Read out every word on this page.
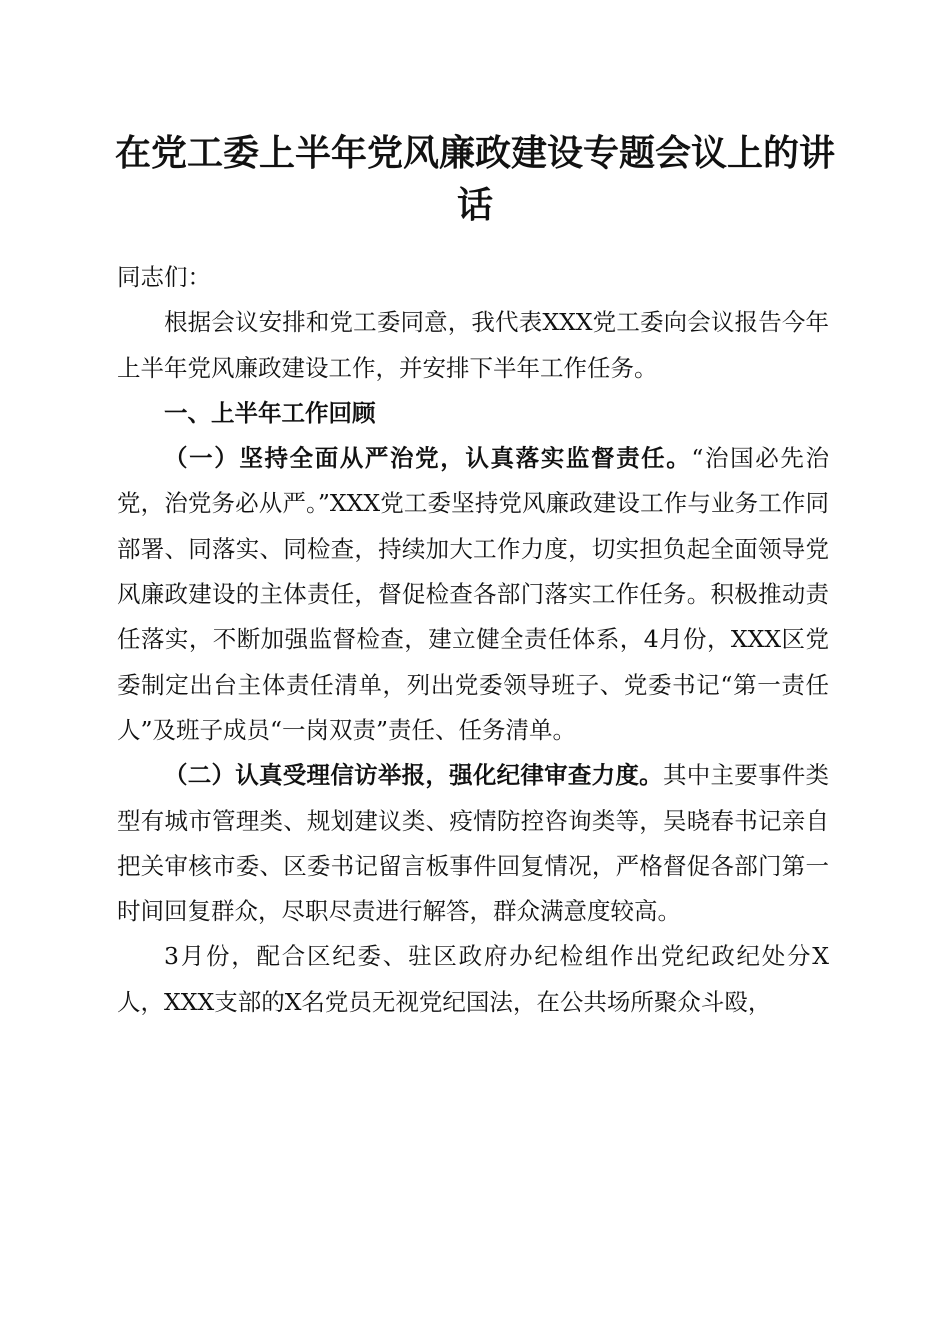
在党工委上半年党风廉政建设专题会议上的讲话

同志们：

根据会议安排和党工委同意，我代表XXX党工委向会议报告今年上半年党风廉政建设工作，并安排下半年工作任务。

一、上半年工作回顾

（一）坚持全面从严治党，认真落实监督责任。“治国必先治党，治党务必从严。”XXX党工委坚持党风廉政建设工作与业务工作同部署、同落实、同检查，持续加大工作力度，切实担负起全面领导党风廉政建设的主体责任，督促检查各部门落实工作任务。积极推动责任落实，不断加强监督检查，建立健全责任体系，4月份，XXX区党委制定出台主体责任清单，列出党委领导班子、党委书记“第一责任人”及班子成员“一岗双责”责任、任务清单。

（二）认真受理信访举报，强化纪律审查力度。其中主要事件类型有城市管理类、规划建议类、疫情防控咨询类等，吴晓春书记亲自把关审核市委、区委书记留言板事件回复情况，严格督促各部门第一时间回复群众，尽职尽责进行解答，群众满意度较高。

3月份，配合区纪委、驻区政府办纪检组作出党纪政纪处分X人，XXX支部的X名党员无视党纪国法，在公共场所聚众斗殴，
